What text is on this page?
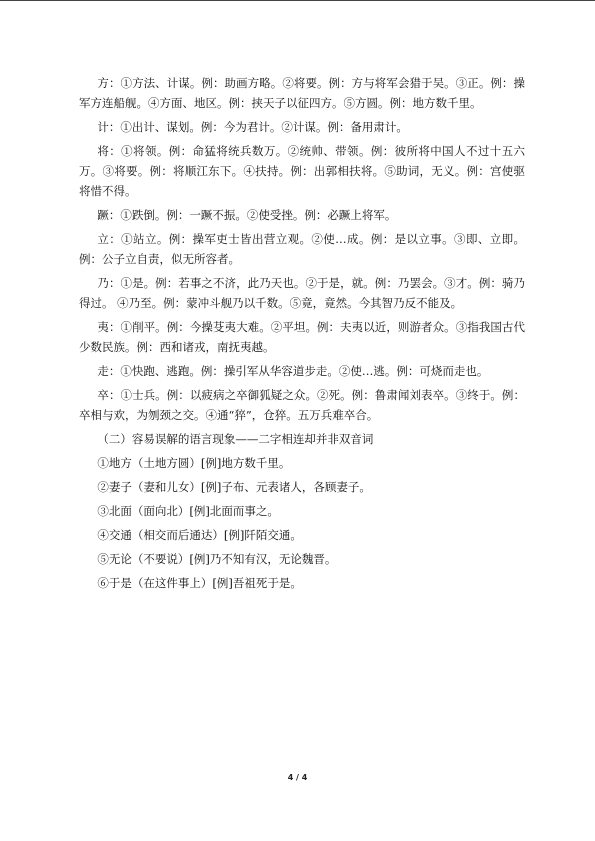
方：①方法、计谋。例：助画方略。②将要。例：方与将军会猎于吴。③正。例：操军方连船舰。④方面、地区。例：挟天子以征四方。⑤方圆。例：地方数千里。

计：①出计、谋划。例：今为君计。②计谋。例：备用肃计。

将：①将领。例：命猛将统兵数万。②统帅、带领。例：彼所将中国人不过十五六万。③将要。例：将顺江东下。④扶持。例：出郭相扶将。⑤助词，无义。例：宫使驱将惜不得。

蹶：①跌倒。例：一蹶不振。②使受挫。例：必蹶上将军。

立：①站立。例：操军吏士皆出营立观。②使…成。例：是以立事。③即、立即。例：公子立自责，似无所容者。

乃：①是。例：若事之不济，此乃天也。②于是，就。例：乃罢会。③才。例：骑乃得过。 ④乃至。例：蒙冲斗舰乃以千数。⑤竟，竟然。今其智乃反不能及。

夷：①削平。例：今操芟夷大难。②平坦。例：夫夷以近，则游者众。③指我国古代少数民族。例：西和诸戎，南抚夷越。

走：①快跑、逃跑。例：操引军从华容道步走。②使…逃。例：可烧而走也。

卒：①士兵。例：以疲病之卒御狐疑之众。②死。例：鲁肃闻刘表卒。③终于。例：卒相与欢，为刎颈之交。④通“猝”，仓猝。五万兵难卒合。

（二）容易误解的语言现象——二字相连却并非双音词

①地方（土地方圆）[例]地方数千里。

②妻子（妻和儿女）[例]子布、元表诸人，各顾妻子。

③北面（面向北）[例]北面而事之。

④交通（相交而后通达）[例]阡陌交通。

⑤无论（不要说）[例]乃不知有汉，无论魏晋。

⑥于是（在这件事上）[例]吾祖死于是。

4 / 4
